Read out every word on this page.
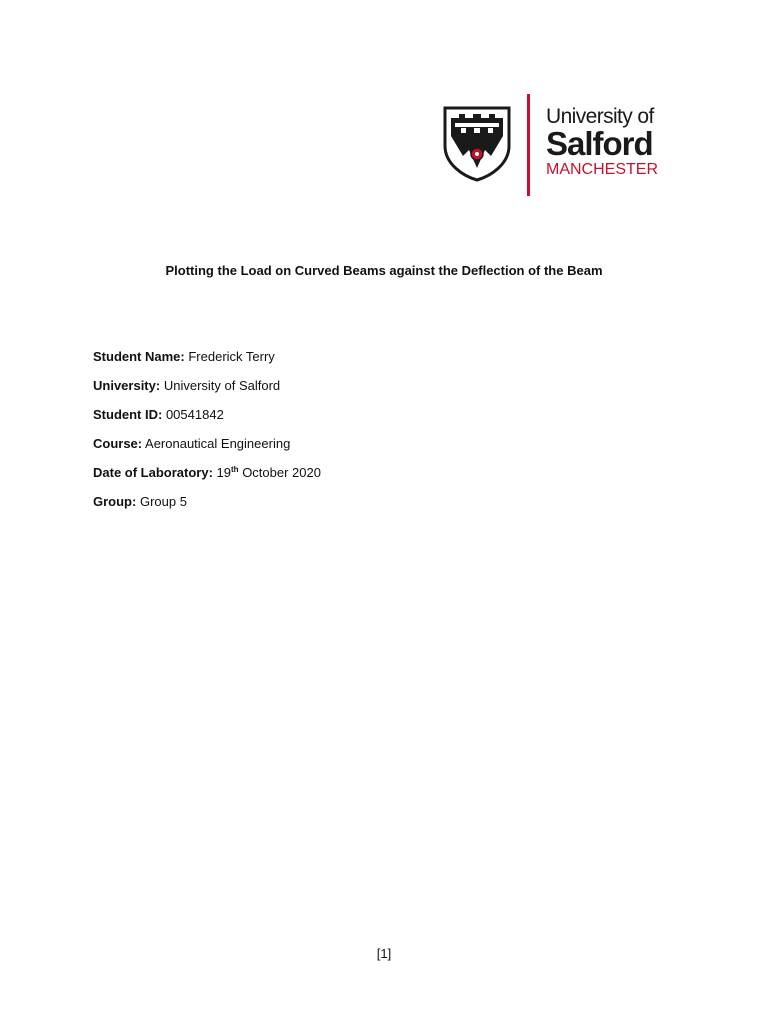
University of
Salford
MANCHESTER
Plotting the Load on Curved Beams against the Deflection of the Beam
Student Name: Frederick Terry
University: University of Salford
Student ID: 00541842
Course: Aeronautical Engineering
Date of Laboratory: 19th October 2020
Group: Group 5
[1]
